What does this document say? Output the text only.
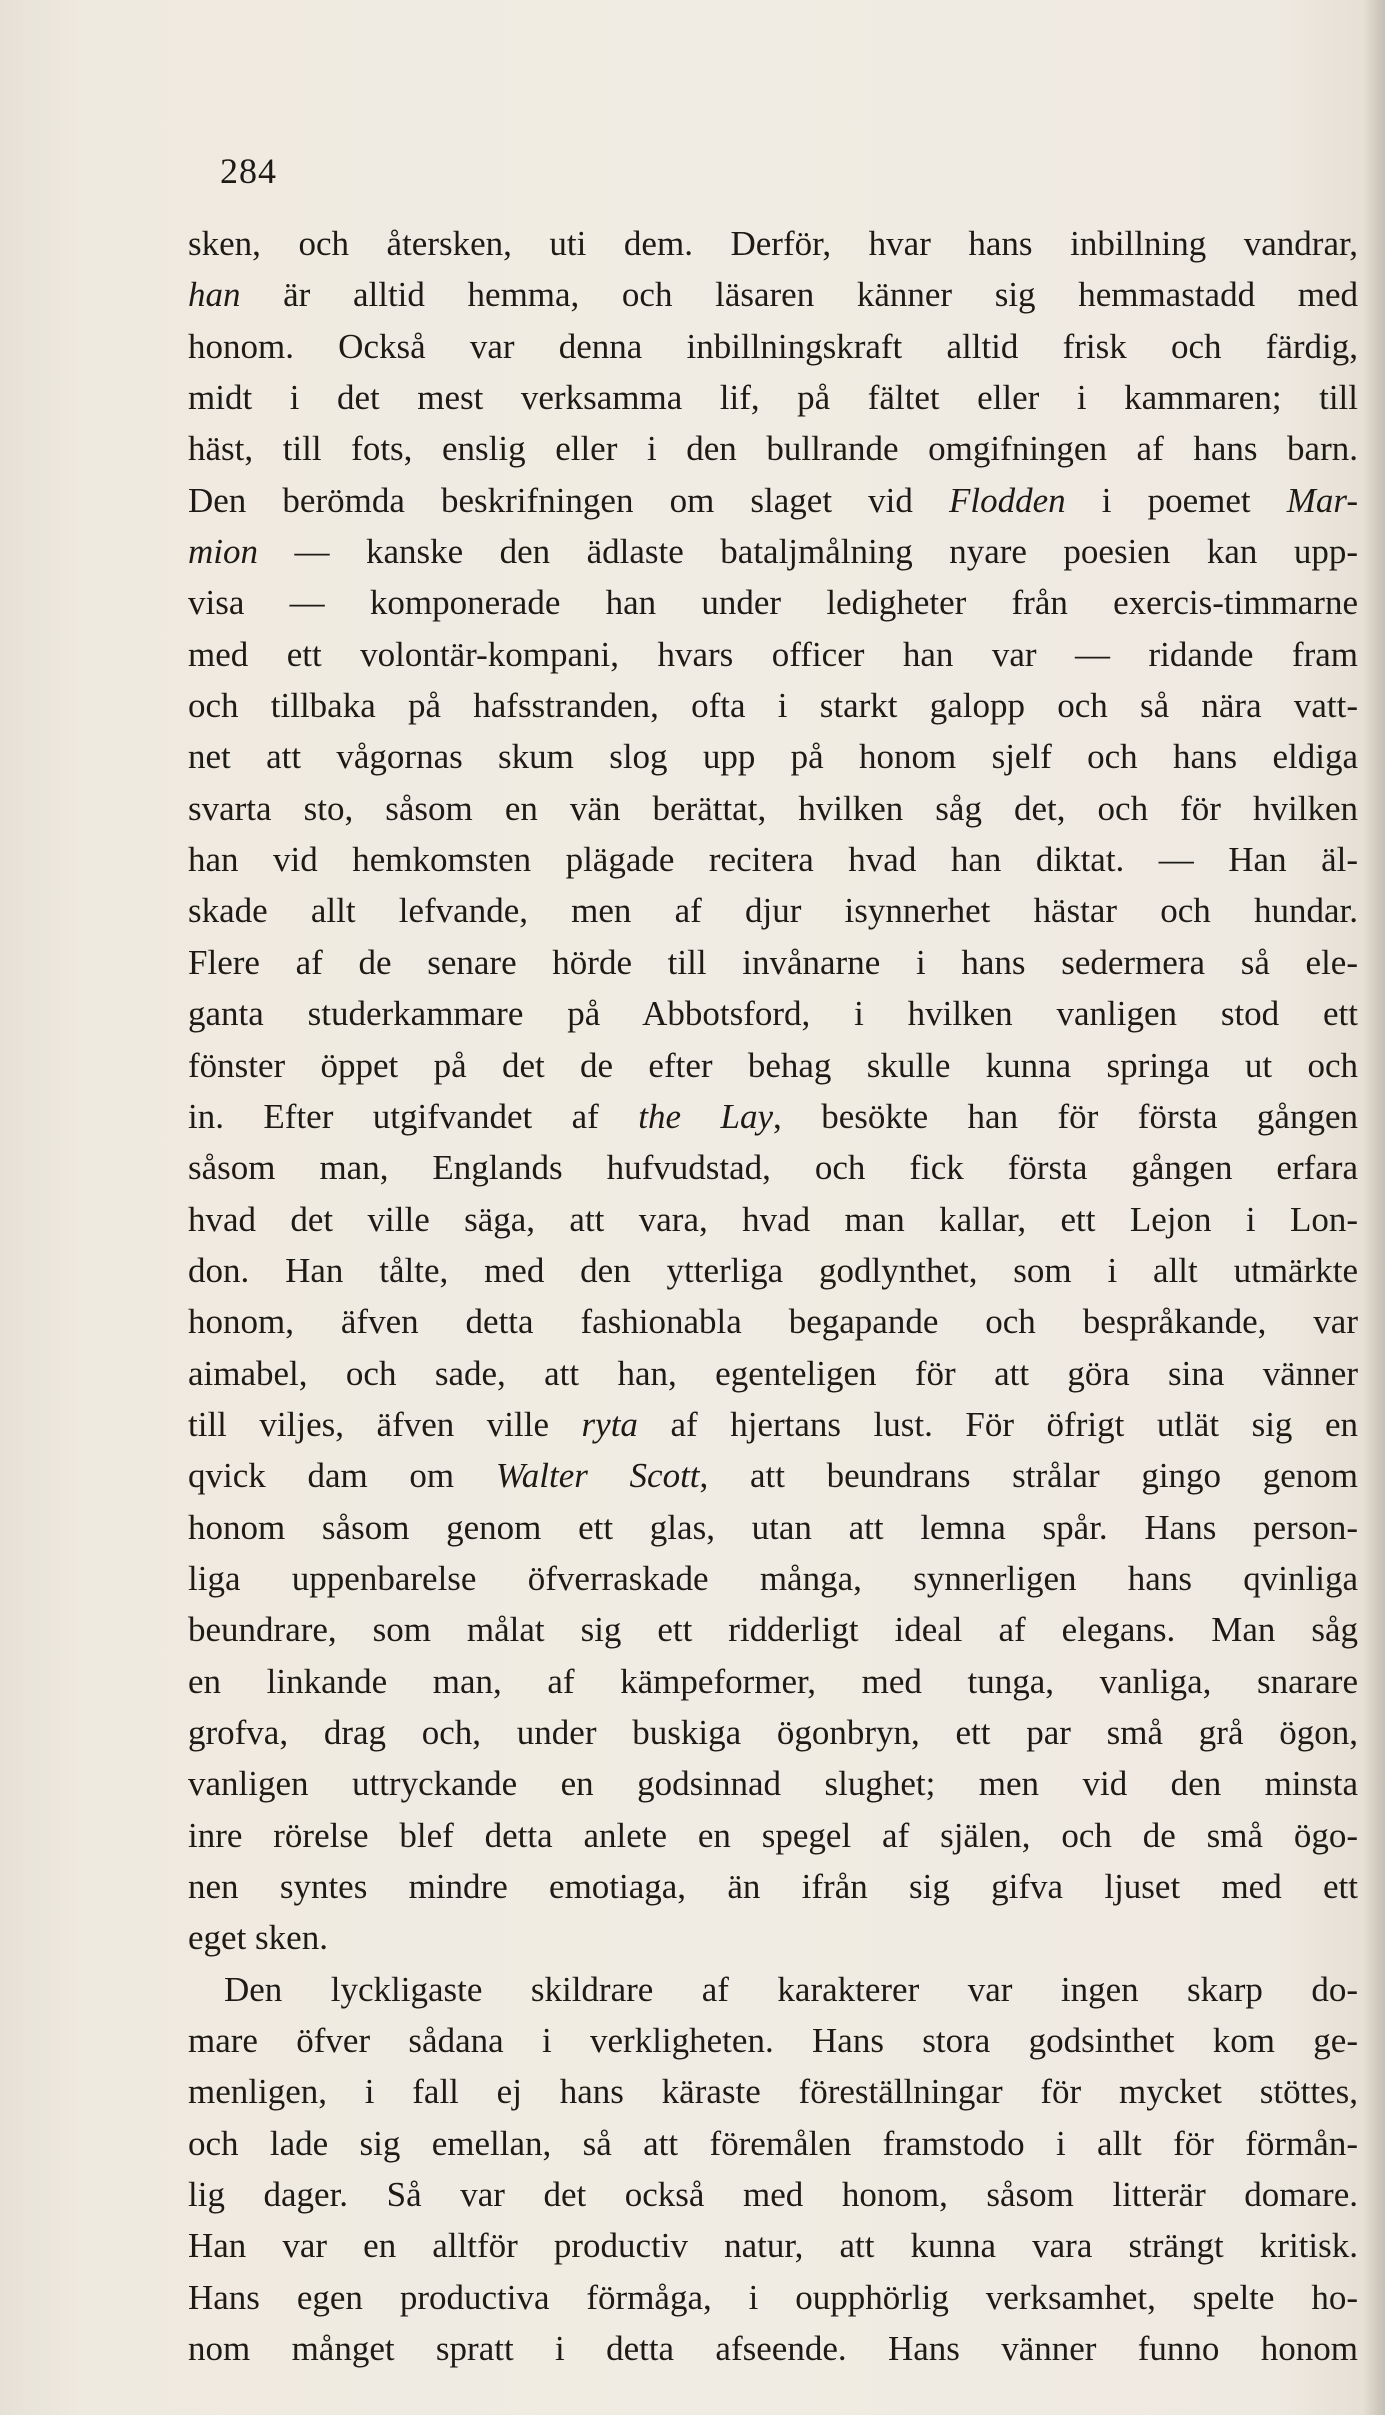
284
sken, och återsken, uti dem. Derför, hvar hans inbillning vandrar,
han är alltid hemma, och läsaren känner sig hemmastadd med
honom. Också var denna inbillningskraft alltid frisk och färdig,
midt i det mest verksamma lif, på fältet eller i kammaren; till
häst, till fots, enslig eller i den bullrande omgifningen af hans barn.
Den berömda beskrifningen om slaget vid Flodden i poemet Mar-
mion — kanske den ädlaste bataljmålning nyare poesien kan upp-
visa — komponerade han under ledigheter från exercis-timmarne
med ett volontär-kompani, hvars officer han var — ridande fram
och tillbaka på hafsstranden, ofta i starkt galopp och så nära vatt-
net att vågornas skum slog upp på honom sjelf och hans eldiga
svarta sto, såsom en vän berättat, hvilken såg det, och för hvilken
han vid hemkomsten plägade recitera hvad han diktat. — Han äl-
skade allt lefvande, men af djur isynnerhet hästar och hundar.
Flere af de senare hörde till invånarne i hans sedermera så ele-
ganta studerkammare på Abbotsford, i hvilken vanligen stod ett
fönster öppet på det de efter behag skulle kunna springa ut och
in. Efter utgifvandet af the Lay, besökte han för första gången
såsom man, Englands hufvudstad, och fick första gången erfara
hvad det ville säga, att vara, hvad man kallar, ett Lejon i Lon-
don. Han tålte, med den ytterliga godlynthet, som i allt utmärkte
honom, äfven detta fashionabla begapande och bespråkande, var
aimabel, och sade, att han, egenteligen för att göra sina vänner
till viljes, äfven ville ryta af hjertans lust. För öfrigt utlät sig en
qvick dam om Walter Scott, att beundrans strålar gingo genom
honom såsom genom ett glas, utan att lemna spår. Hans person-
liga uppenbarelse öfverraskade många, synnerligen hans qvinliga
beundrare, som målat sig ett ridderligt ideal af elegans. Man såg
en linkande man, af kämpeformer, med tunga, vanliga, snarare
grofva, drag och, under buskiga ögonbryn, ett par små grå ögon,
vanligen uttryckande en godsinnad slughet; men vid den minsta
inre rörelse blef detta anlete en spegel af själen, och de små ögo-
nen syntes mindre emotiaga, än ifrån sig gifva ljuset med ett
eget sken.
Den lyckligaste skildrare af karakterer var ingen skarp do-
mare öfver sådana i verkligheten. Hans stora godsinthet kom ge-
menligen, i fall ej hans käraste föreställningar för mycket stöttes,
och lade sig emellan, så att föremålen framstodo i allt för förmån-
lig dager. Så var det också med honom, såsom litterär domare.
Han var en alltför productiv natur, att kunna vara strängt kritisk.
Hans egen productiva förmåga, i oupphörlig verksamhet, spelte ho-
nom månget spratt i detta afseende. Hans vänner funno honom
